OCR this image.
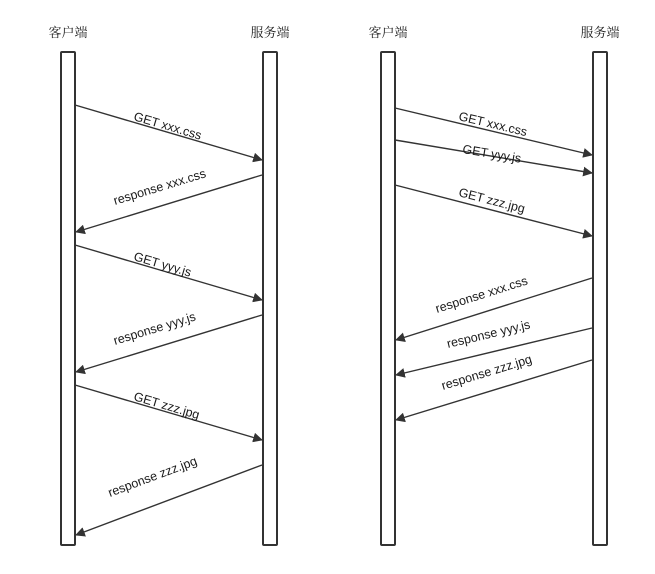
客户端	服务端
GET xxx.css
response xxx.css
GET yyy.js
response yyy.js
GET zzz.jpg
response zzz.jpg
客户端	服务端
GET xxx.css
GET yyy.js
GET zzz.jpg
response xxx.css
response yyy.js
response zzz.jpg
